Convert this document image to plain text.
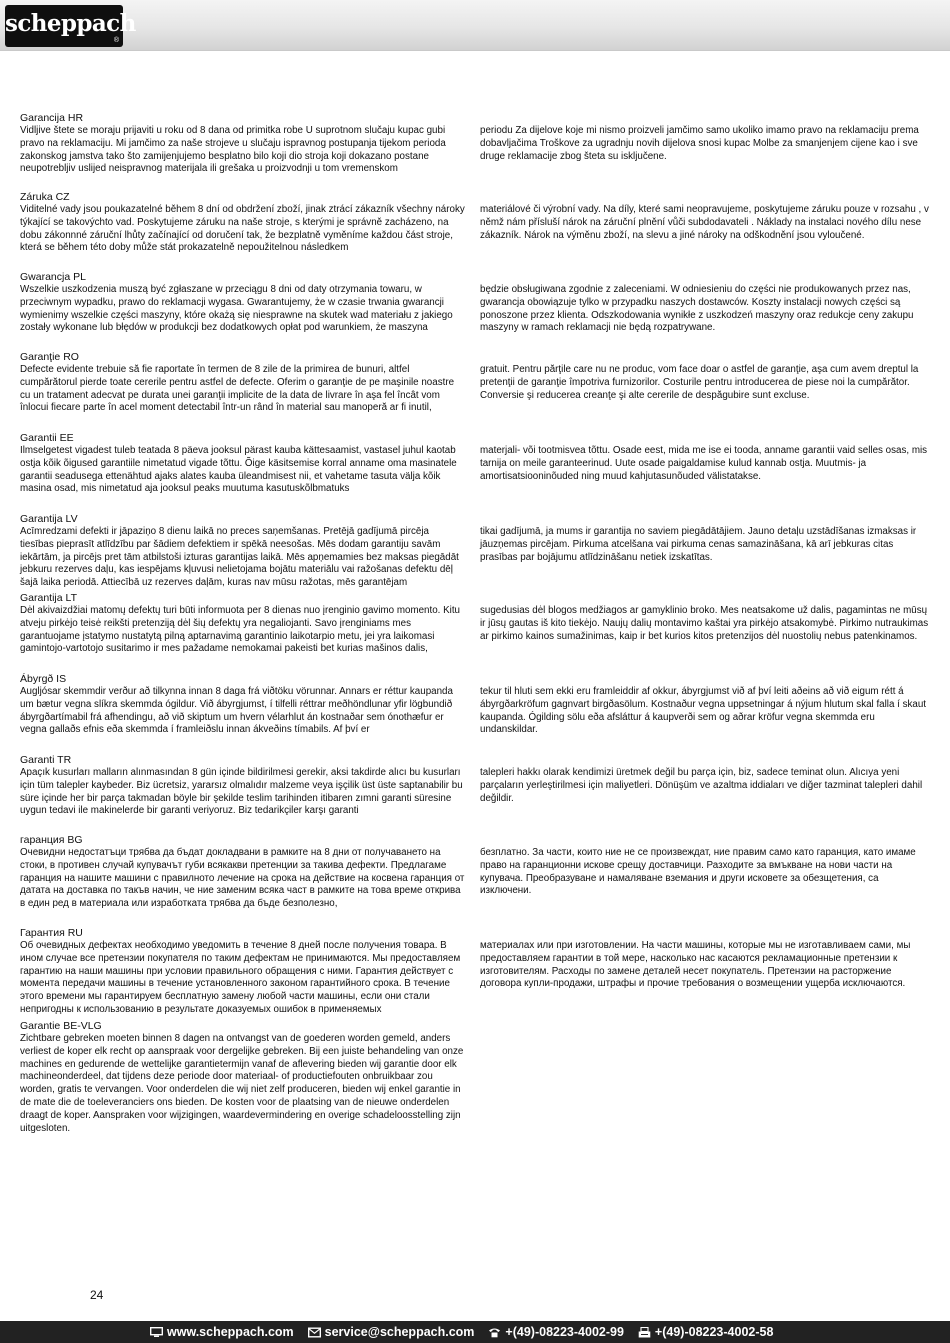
scheppach
®
Garancija HR

Vidljive štete se moraju prijaviti u roku od 8 dana od primitka robe U suprotnom slučaju kupac gubi pravo na reklamaciju. Mi jamčimo za naše strojeve u slučaju ispravnog postupanja tijekom perioda zakonskog jamstva tako što zamijenjujemo besplatno bilo koji dio stroja koji dokazano postane neupotrebljiv uslijed neispravnog materijala ili grešaka u proizvodnji u tom vremenskom

periodu Za dijelove koje mi nismo proizveli jamčimo samo ukoliko imamo pravo na reklamaciju prema dobavljačima Troškove za ugradnju novih dijelova snosi kupac Molbe za smanjenjem cijene kao i sve druge reklamacije zbog šteta su isključene.

Záruka CZ

Viditelné vady jsou poukazatelné během 8 dní od obdržení zboží, jinak ztrácí zákazník všechny nároky týkající se takovýchto vad. Poskytujeme záruku na naše stroje, s kterými je správně zacházeno, na dobu zákonnné záruční lhůty začínající od doručení tak, že bezplatně vyměníme každou část stroje, která se během této doby může stát prokazatelně nepoužitelnou následkem

materiálové či výrobní vady. Na díly, které sami neopravujeme, poskytujeme záruku pouze v rozsahu , v němž nám přísluší nárok na záruční plnění vůči subdodavateli . Náklady na instalaci nového dílu nese zákazník. Nárok na výměnu zboží, na slevu a jiné nároky na odškodnění jsou vyloučené.

Gwarancja PL

Wszelkie uszkodzenia muszą być zgłaszane w przeciągu 8 dni od daty otrzymania towaru, w przeciwnym wypadku, prawo do reklamacji wygasa. Gwarantujemy, że w czasie trwania gwarancji wymienimy wszelkie części maszyny, które okażą się niesprawne na skutek wad materiału z jakiego zostały wykonane lub błędów w produkcji bez dodatkowych opłat pod warunkiem, że maszyna

będzie obsługiwana zgodnie z zaleceniami. W odniesieniu do części nie produkowanych przez nas, gwarancja obowiązuje tylko w przypadku naszych dostawców. Koszty instalacji nowych części są ponoszone przez klienta. Odszkodowania wynikłe z uszkodzeń maszyny oraz redukcje ceny zakupu maszyny w ramach reklamacji nie będą rozpatrywane.

Garanţie RO

Defecte evidente trebuie să fie raportate în termen de 8 zile de la primirea de bunuri, altfel cumpărătorul pierde toate cererile pentru astfel de defecte. Oferim o garanţie de pe maşinile noastre cu un tratament adecvat pe durata unei garanţii implicite de la data de livrare în aşa fel încât vom înlocui fiecare parte în acel moment detectabil într-un rând în material sau manoperă ar fi inutil,

gratuit. Pentru părţile care nu ne produc, vom face doar o astfel de garanţie, aşa cum avem dreptul la pretenţii de garanţie împotriva furnizorilor. Costurile pentru introducerea de piese noi la cumpărător. Conversie şi reducerea creanţe şi alte cererile de despăgubire sunt excluse.

Garantii EE

Ilmselgetest vigadest tuleb teatada 8 päeva jooksul pärast kauba kättesaamist, vastasel juhul kaotab ostja kõik õigused garantiile nimetatud vigade tõttu. Õige käsitsemise korral anname oma masinatele garantii seadusega ettenähtud ajaks alates kauba üleandmisest nii, et vahetame tasuta välja kõik masina osad, mis nimetatud aja jooksul peaks muutuma kasutuskõlbmatuks

materjali- või tootmisvea tõttu. Osade eest, mida me ise ei tooda, anname garantii vaid selles osas, mis tarnija on meile garanteerinud. Uute osade paigaldamise kulud kannab ostja. Muutmis- ja amortisatsiooninõuded ning muud kahjutasunõuded välistatakse.

Garantija LV

Acīmredzami defekti ir jāpaziņo 8 dienu laikā no preces saņemšanas. Pretējā gadījumā pircēja tiesības pieprasīt atlīdzību par šādiem defektiem ir spēkā neesošas. Mēs dodam garantiju savām iekārtām, ja pircējs pret tām atbilstoši izturas garantijas laikā. Mēs apņemamies bez maksas piegādāt jebkuru rezerves daļu, kas iespējams kļuvusi nelietojama bojātu materiālu vai ražošanas defektu dēļ šajā laika periodā. Attiecībā uz rezerves daļām, kuras nav mūsu ražotas, mēs garantējam

tikai gadījumā, ja mums ir garantija no saviem piegādātājiem. Jauno detaļu uzstādīšanas izmaksas ir jāuzņemas pircējam. Pirkuma atcelšana vai pirkuma cenas samazināšana, kā arī jebkuras citas prasības par bojājumu atlīdzināšanu netiek izskatītas.

Garantija LT

Dėl akivaizdžiai matomų defektų turi būti informuota per 8 dienas nuo įrenginio gavimo momento. Kitu atveju pirkėjo teisė reikšti pretenziją dėl šių defektų yra negaliojanti. Savo įrenginiams mes garantuojame įstatymo nustatytą pilną aptarnavimą garantinio laikotarpio metu, jei yra laikomasi gamintojo-vartotojo susitarimo ir mes pažadame nemokamai pakeisti bet kurias mašinos dalis,

sugedusias dėl blogos medžiagos ar gamyklinio broko. Mes neatsakome už dalis, pagamintas ne mūsų ir jūsų gautas iš kito tiekėjo. Naujų dalių montavimo kaštai yra pirkėjo atsakomybė. Pirkimo nutraukimas ar pirkimo kainos sumažinimas, kaip ir bet kurios kitos pretenzijos dėl nuostolių nebus patenkinamos.

Ábyrgð IS

Augljósar skemmdir verður að tilkynna innan 8 daga frá viðtöku vörunnar. Annars er réttur kaupanda um bætur vegna slíkra skemmda ógildur. Við ábyrgjumst, í tilfelli réttrar meðhöndlunar yfir lögbundið ábyrgðartímabil frá afhendingu, að við skiptum um hvern vélarhlut án kostnaðar sem ónothæfur er vegna gallaðs efnis eða skemmda í framleiðslu innan ákveðins tímabils. Af því er

tekur til hluti sem ekki eru framleiddir af okkur, ábyrgjumst við af því leiti aðeins að við eigum rétt á ábyrgðarkröfum gagnvart birgðasölum. Kostnaður vegna uppsetningar á nýjum hlutum skal falla í skaut kaupanda. Ógilding sölu eða afsláttur á kaupverði sem og aðrar kröfur vegna skemmda eru undanskildar.

Garanti TR

Apaçık kusurları malların alınmasından 8 gün içinde bildirilmesi gerekir, aksi takdirde alıcı bu kusurları için tüm talepler kaybeder. Biz ücretsiz, yararsız olmalıdır malzeme veya işçilik üst üste saptanabilir bu süre içinde her bir parça takmadan böyle bir şekilde teslim tarihinden itibaren zımni garanti süresine uygun tedavi ile makinelerde bir garanti veriyoruz. Biz tedarikçiler karşı garanti

talepleri hakkı olarak kendimizi üretmek değil bu parça için, biz, sadece teminat olun. Alıcıya yeni parçaların yerleştirilmesi için maliyetleri. Dönüşüm ve azaltma iddiaları ve diğer tazminat talepleri dahil değildir.

гаранция BG

Очевидни недостатъци трябва да бъдат докладвани в рамките на 8 дни от получаването на стоки, в противен случай купувачът губи всякакви претенции за такива дефекти. Предлагаме гаранция на нашите машини с правилното лечение на срока на действие на косвена гаранция от датата на доставка по такъв начин, че ние заменим всяка част в рамките на това време открива в един ред в материала или изработката трябва да бъде безполезно,

безплатно. За части, които ние не се произвеждат, ние правим само като гаранция, като имаме право на гаранционни искове срещу доставчици. Разходите за вмъкване на нови части на купувача. Преобразуване и намаляване вземания и други исковете за обезщетения, са изключени.

Гарантия RU

Об очевидных дефектах необходимо уведомить в течение 8 дней после получения товара. В ином случае все претензии покупателя по таким дефектам не принимаются. Мы предоставляем гарантию на наши машины при условии правильного обращения с ними. Гарантия действует с момента передачи машины в течение установленного законом гарантийного срока. В течение этого времени мы гарантируем бесплатную замену любой части машины, если они стали непригодны к использованию в результате доказуемых ошибок в применяемых

материалах или при изготовлении. На части машины, которые мы не изготавливаем сами, мы предоставляем гарантии в той мере, насколько нас касаются рекламационные претензии к изготовителям. Расходы по замене деталей несет покупатель. Претензии на расторжение договора купли-продажи, штрафы и прочие требования о возмещении ущерба исключаются.

Garantie BE-VLG

Zichtbare gebreken moeten binnen 8 dagen na ontvangst van de goederen worden gemeld, anders verliest de koper elk recht op aanspraak voor dergelijke gebreken. Bij een juiste behandeling van onze machines en gedurende de wettelijke garantietermijn vanaf de aflevering bieden wij garantie door elk machineonderdeel, dat tijdens deze periode door materiaal- of productiefouten onbruikbaar zou worden, gratis te vervangen. Voor onderdelen die wij niet zelf produceren, bieden wij enkel garantie in de mate die de toeleveranciers ons bieden. De kosten voor de plaatsing van de nieuwe onderdelen draagt de koper. Aanspraken voor wijzigingen, waardevermindering en overige schadeloosstelling zijn uitgesloten.

24
www.scheppach.com service@scheppach.com +(49)-08223-4002-99 +(49)-08223-4002-58
